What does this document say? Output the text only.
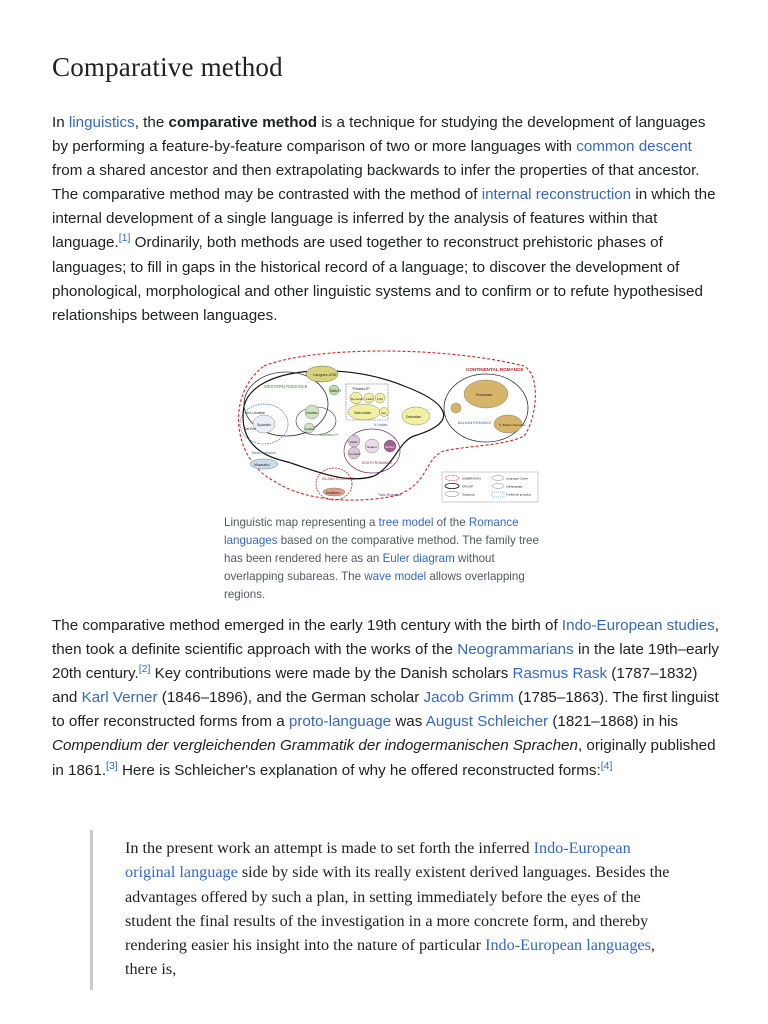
Comparative method
In linguistics, the comparative method is a technique for studying the development of languages by performing a feature-by-feature comparison of two or more languages with common descent from a shared ancestor and then extrapolating backwards to infer the properties of that ancestor. The comparative method may be contrasted with the method of internal reconstruction in which the internal development of a single language is inferred by the analysis of features within that language.[1] Ordinarily, both methods are used together to reconstruct prehistoric phases of languages; to fill in gaps in the historical record of a language; to discover the development of phonological, morphological and other linguistic systems and to confirm or to refute hypothesised relationships between languages.
CONTINENTAL ROMANCE
WESTERN ROMANCE
Langues d'Oïl
Gallo-R
Spanish
Ast.-Leonese
Gal-Port
"Ibero-Romance"
Mozarabic
Occitan
Catalan
Occitano-R
"Rhaeto-R"
Romansh Ladin Friul
Gallo-Italian	Ven
N. Italian
Dalmatian
Italian
Corsican
Neapol.	Sicilian
SOUTH ROMANCE
"Italo-Romance"
ISLAND ROMANCE
Sardinian
Romanian
BALKAN ROMANCE S. Balkan Romance
SUBBRANCH
GROUP
Subgroup
Language Cluster
Sublanguage
Traditional grouping
Linguistic map representing a tree model of the Romance languages based on the comparative method. The family tree has been rendered here as an Euler diagram without overlapping subareas. The wave model allows overlapping regions.
The comparative method emerged in the early 19th century with the birth of Indo-European studies, then took a definite scientific approach with the works of the Neogrammarians in the late 19th–early 20th century.[2] Key contributions were made by the Danish scholars Rasmus Rask (1787–1832) and Karl Verner (1846–1896), and the German scholar Jacob Grimm (1785–1863). The first linguist to offer reconstructed forms from a proto-language was August Schleicher (1821–1868) in his Compendium der vergleichenden Grammatik der indogermanischen Sprachen, originally published in 1861.[3] Here is Schleicher's explanation of why he offered reconstructed forms:[4]
In the present work an attempt is made to set forth the inferred Indo-European original language side by side with its really existent derived languages. Besides the advantages offered by such a plan, in setting immediately before the eyes of the student the final results of the investigation in a more concrete form, and thereby rendering easier his insight into the nature of particular Indo-European languages, there is,
